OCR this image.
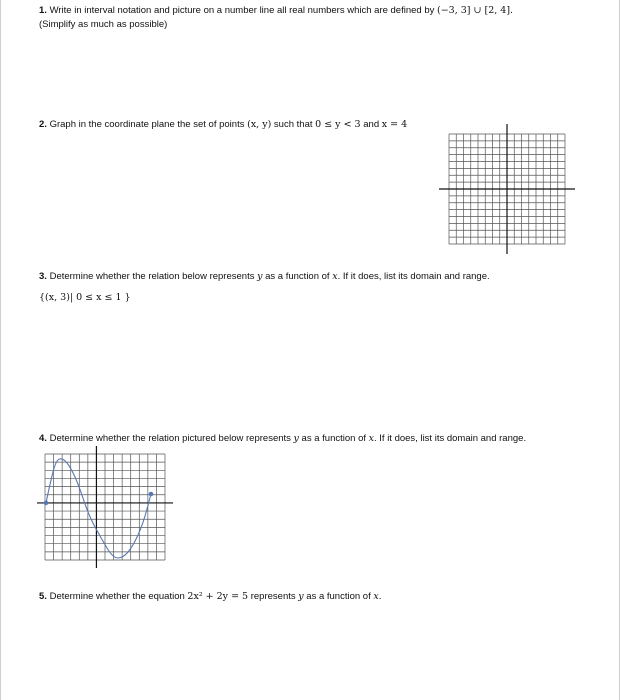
1. Write in interval notation and picture on a number line all real numbers which are defined by (−3, 3] ∪ [2, 4].
(Simplify as much as possible)
2. Graph in the coordinate plane the set of points (x, y) such that 0 ≤ y < 3 and x = 4
3. Determine whether the relation below represents y as a function of x. If it does, list its domain and range.
{(x, 3)| 0 ≤ x ≤ 1 }
4. Determine whether the relation pictured below represents y as a function of x. If it does, list its domain and range.
5. Determine whether the equation 2x² + 2y = 5 represents y as a function of x.
